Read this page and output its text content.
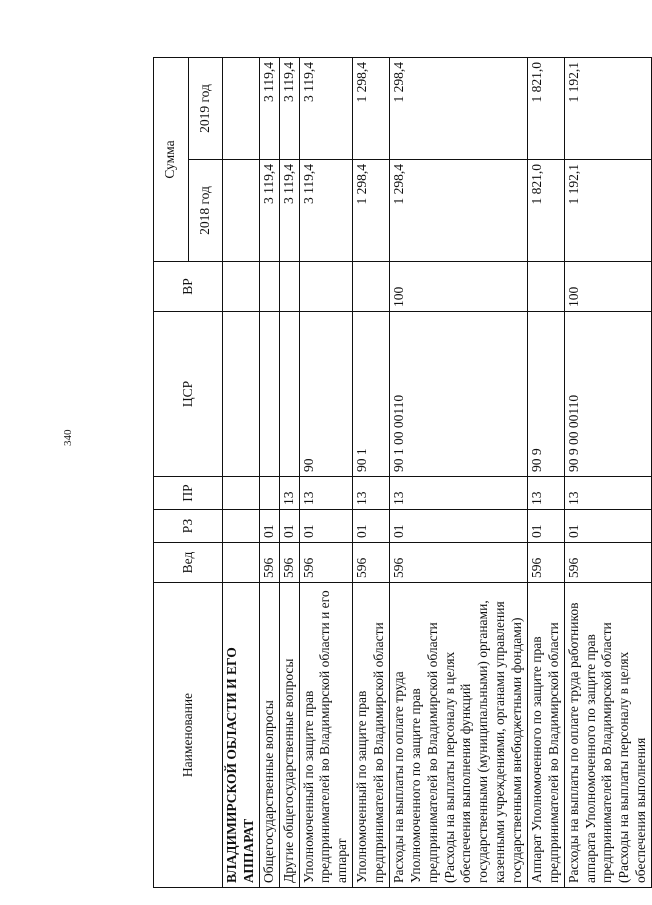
340
Наименование	Вед	РЗ	ПР	ЦСР	ВР	Сумма	
						2018 год	2019 год
ВЛАДИМИРСКОЙ ОБЛАСТИ И ЕГО АППАРАТ							
Общегосударственные вопросы	596	01				3 119,4	3 119,4
Другие общегосударственные вопросы	596	01	13			3 119,4	3 119,4
Уполномоченный по защите прав предпринимателей во Владимирской области и его аппарат	596	01	13	90		3 119,4	3 119,4
Уполномоченный по защите прав предпринимателей во Владимирской области	596	01	13	90 1		1 298,4	1 298,4
Расходы на выплаты по оплате труда Уполномоченного по защите прав предпринимателей во Владимирской области (Расходы на выплаты персоналу в целях обеспечения выполнения функций государственными (муниципальными) органами, казенными учреждениями, органами управления государственными внебюджетными фондами)	596	01	13	90 1 00 00110	100	1 298,4	1 298,4
Аппарат Уполномоченного по защите прав предпринимателей во Владимирской области	596	01	13	90 9		1 821,0	1 821,0
Расходы на выплаты по оплате труда работников аппарата Уполномоченного по защите прав предпринимателей во Владимирской области (Расходы на выплаты персоналу в целях обеспечения выполнения	596	01	13	90 9 00 00110	100	1 192,1	1 192,1
